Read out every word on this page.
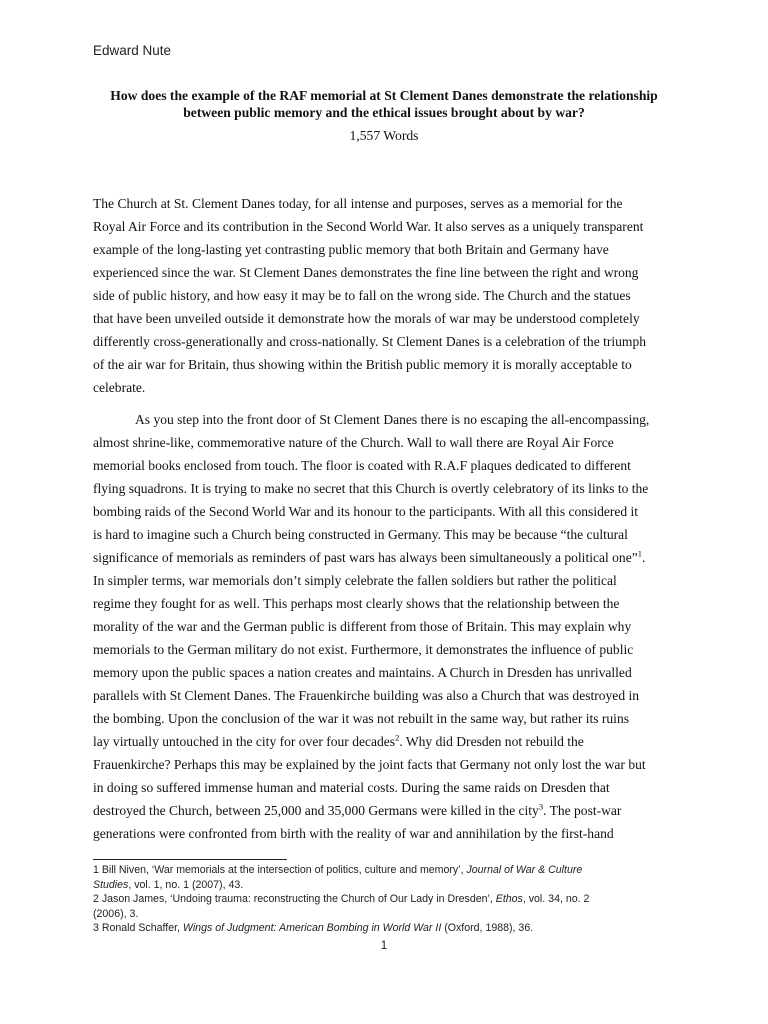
Edward Nute
How does the example of the RAF memorial at St Clement Danes demonstrate the relationship
between public memory and the ethical issues brought about by war?
1,557 Words

The Church at St. Clement Danes today, for all intense and purposes, serves as a memorial for the
Royal Air Force and its contribution in the Second World War. It also serves as a uniquely transparent
example of the long-lasting yet contrasting public memory that both Britain and Germany have
experienced since the war. St Clement Danes demonstrates the fine line between the right and wrong
side of public history, and how easy it may be to fall on the wrong side. The Church and the statues
that have been unveiled outside it demonstrate how the morals of war may be understood completely
differently cross-generationally and cross-nationally. St Clement Danes is a celebration of the triumph
of the air war for Britain, thus showing within the British public memory it is morally acceptable to
celebrate.

As you step into the front door of St Clement Danes there is no escaping the all-encompassing,
almost shrine-like, commemorative nature of the Church. Wall to wall there are Royal Air Force
memorial books enclosed from touch. The floor is coated with R.A.F plaques dedicated to different
flying squadrons. It is trying to make no secret that this Church is overtly celebratory of its links to the
bombing raids of the Second World War and its honour to the participants. With all this considered it
is hard to imagine such a Church being constructed in Germany. This may be because “the cultural
significance of memorials as reminders of past wars has always been simultaneously a political one”$^1$.
In simpler terms, war memorials don’t simply celebrate the fallen soldiers but rather the political
regime they fought for as well. This perhaps most clearly shows that the relationship between the
morality of the war and the German public is different from those of Britain. This may explain why
memorials to the German military do not exist. Furthermore, it demonstrates the influence of public
memory upon the public spaces a nation creates and maintains. A Church in Dresden has unrivalled
parallels with St Clement Danes. The Frauenkirche building was also a Church that was destroyed in
the bombing. Upon the conclusion of the war it was not rebuilt in the same way, but rather its ruins
lay virtually untouched in the city for over four decades$^2$. Why did Dresden not rebuild the
Frauenkirche? Perhaps this may be explained by the joint facts that Germany not only lost the war but
in doing so suffered immense human and material costs. During the same raids on Dresden that
destroyed the Church, between 25,000 and 35,000 Germans were killed in the city$^3$. The post-war
generations were confronted from birth with the reality of war and annihilation by the first-hand

1 Bill Niven, ‘War memorials at the intersection of politics, culture and memory’, Journal of War & Culture
Studies, vol. 1, no. 1 (2007), 43.
2 Jason James, ‘Undoing trauma: reconstructing the Church of Our Lady in Dresden’, Ethos, vol. 34, no. 2
(2006), 3.
3 Ronald Schaffer, Wings of Judgment: American Bombing in World War II (Oxford, 1988), 36.
1
